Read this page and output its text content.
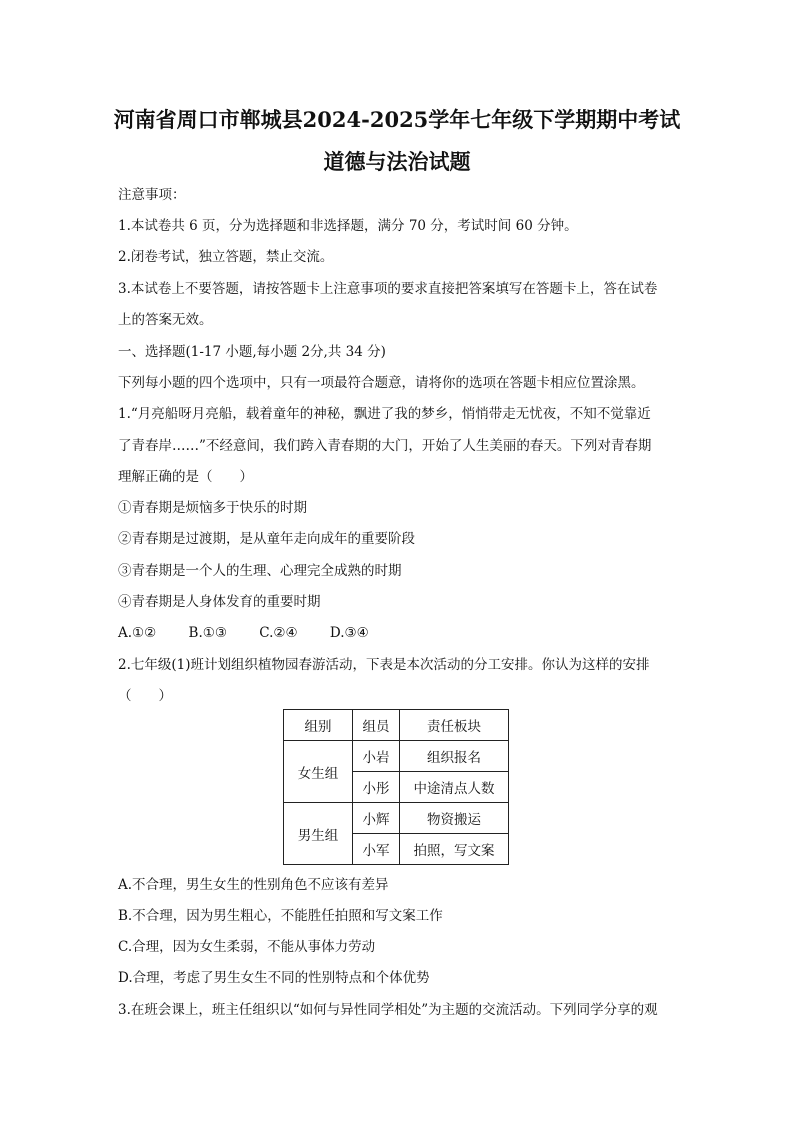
河南省周口市郸城县2024-2025学年七年级下学期期中考试
道德与法治试题
注意事项：
1.本试卷共 6 页，分为选择题和非选择题，满分 70 分，考试时间 60 分钟。
2.闭卷考试，独立答题，禁止交流。
3.本试卷上不要答题，请按答题卡上注意事项的要求直接把答案填写在答题卡上，答在试卷
上的答案无效。
一、选择题(1-17 小题,每小题 2分,共 34 分)
下列每小题的四个选项中，只有一项最符合题意，请将你的选项在答题卡相应位置涂黑。
1.“月亮船呀月亮船，载着童年的神秘，飘进了我的梦乡，悄悄带走无忧夜，不知不觉靠近
了青春岸……”不经意间，我们跨入青春期的大门，开始了人生美丽的春天。下列对青春期
理解正确的是（　　）
①青春期是烦恼多于快乐的时期
②青春期是过渡期，是从童年走向成年的重要阶段
③青春期是一个人的生理、心理完全成熟的时期
④青春期是人身体发育的重要时期
A.①② B.①③ C.②④ D.③④
2.七年级(1)班计划组织植物园春游活动，下表是本次活动的分工安排。你认为这样的安排
（　　）
组别	组员	责任板块
女生组	小岩	组织报名
	小彤	中途清点人数
男生组	小辉	物资搬运
	小军	拍照，写文案
A.不合理，男生女生的性别角色不应该有差异
B.不合理，因为男生粗心，不能胜任拍照和写文案工作
C.合理，因为女生柔弱，不能从事体力劳动
D.合理，考虑了男生女生不同的性别特点和个体优势
3.在班会课上，班主任组织以“如何与异性同学相处”为主题的交流活动。下列同学分享的观
